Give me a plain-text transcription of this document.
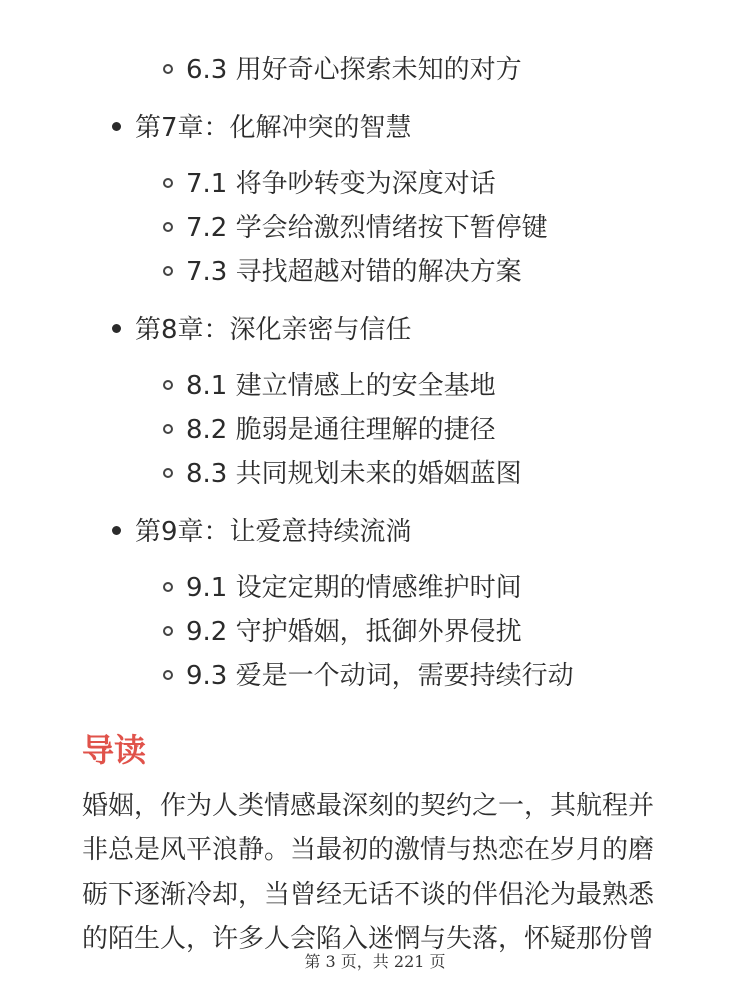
6.3 用好奇心探索未知的对方
第7章：化解冲突的智慧
7.1 将争吵转变为深度对话
7.2 学会给激烈情绪按下暂停键
7.3 寻找超越对错的解决方案
第8章：深化亲密与信任
8.1 建立情感上的安全基地
8.2 脆弱是通往理解的捷径
8.3 共同规划未来的婚姻蓝图
第9章：让爱意持续流淌
9.1 设定定期的情感维护时间
9.2 守护婚姻，抵御外界侵扰
9.3 爱是一个动词，需要持续行动
导读
婚姻，作为人类情感最深刻的契约之一，其航程并
非总是风平浪静。当最初的激情与热恋在岁月的磨
砺下逐渐冷却，当曾经无话不谈的伴侣沦为最熟悉
的陌生人，许多人会陷入迷惘与失落，怀疑那份曾
第 3 页，共 221 页
